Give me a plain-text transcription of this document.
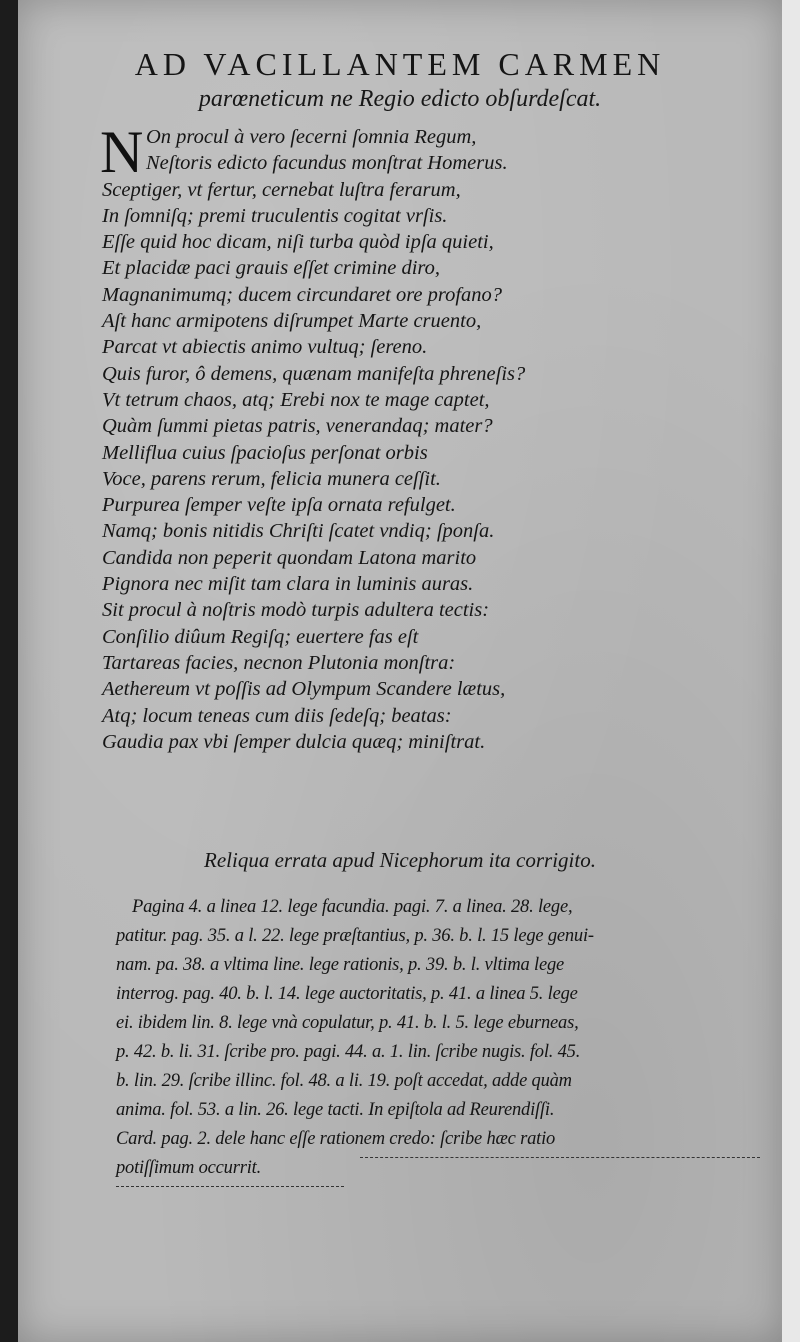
AD VACILLANTEM CARMEN
parœneticum ne Regio edicto obſurdeſcat.
N On procul à vero ſecerni ſomnia Regum,
Neſtoris edicto facundus monſtrat Homerus.
Sceptiger, vt fertur, cernebat luſtra ferarum,
In ſomniſq; premi truculentis cogitat vrſis.
Eſſe quid hoc dicam, niſi turba quòd ipſa quieti,
Et placidæ paci grauis eſſet crimine diro,
Magnanimumq; ducem circundaret ore profano?
Aſt hanc armipotens diſrumpet Marte cruento,
Parcat vt abiectis animo vultuq; ſereno.
Quis furor, ô demens, quænam manifeſta phreneſis?
Vt tetrum chaos, atq; Erebi nox te mage captet,
Quàm ſummi pietas patris, venerandaq; mater?
Melliflua cuius ſpacioſus perſonat orbis
Voce, parens rerum, felicia munera ceſſit.
Purpurea ſemper veſte ipſa ornata refulget.
Namq; bonis nitidis Chriſti ſcatet vndiq; ſponſa.
Candida non peperit quondam Latona marito
Pignora nec miſit tam clara in luminis auras.
Sit procul à noſtris modò turpis adultera tectis:
Conſilio diûum Regiſq; euertere fas eſt
Tartareas facies, necnon Plutonia monſtra:
Aethereum vt poſſis ad Olympum Scandere lætus,
Atq; locum teneas cum diis ſedeſq; beatas:
Gaudia pax vbi ſemper dulcia quæq; miniſtrat.
Reliqua errata apud Nicephorum ita corrigito.
Pagina 4. a linea 12. lege facundia. pagi. 7. a linea. 28. lege,
patitur. pag. 35. a l. 22. lege præſtantius, p. 36. b. l. 15 lege genui-
nam. pa. 38. a vltima line. lege rationis, p. 39. b. l. vltima lege
interrog. pag. 40. b. l. 14. lege auctoritatis, p. 41. a linea 5. lege
ei. ibidem lin. 8. lege vnà copulatur, p. 41. b. l. 5. lege eburneas,
p. 42. b. li. 31. ſcribe pro. pagi. 44. a. 1. lin. ſcribe nugis. fol. 45.
b. lin. 29. ſcribe illinc. fol. 48. a li. 19. poſt accedat, adde quàm
anima. fol. 53. a lin. 26. lege tacti. In epiſtola ad Reurendiſſi.
Card. pag. 2. dele hanc eſſe rationem credo: ſcribe hæc ratio
potiſſimum occurrit.
